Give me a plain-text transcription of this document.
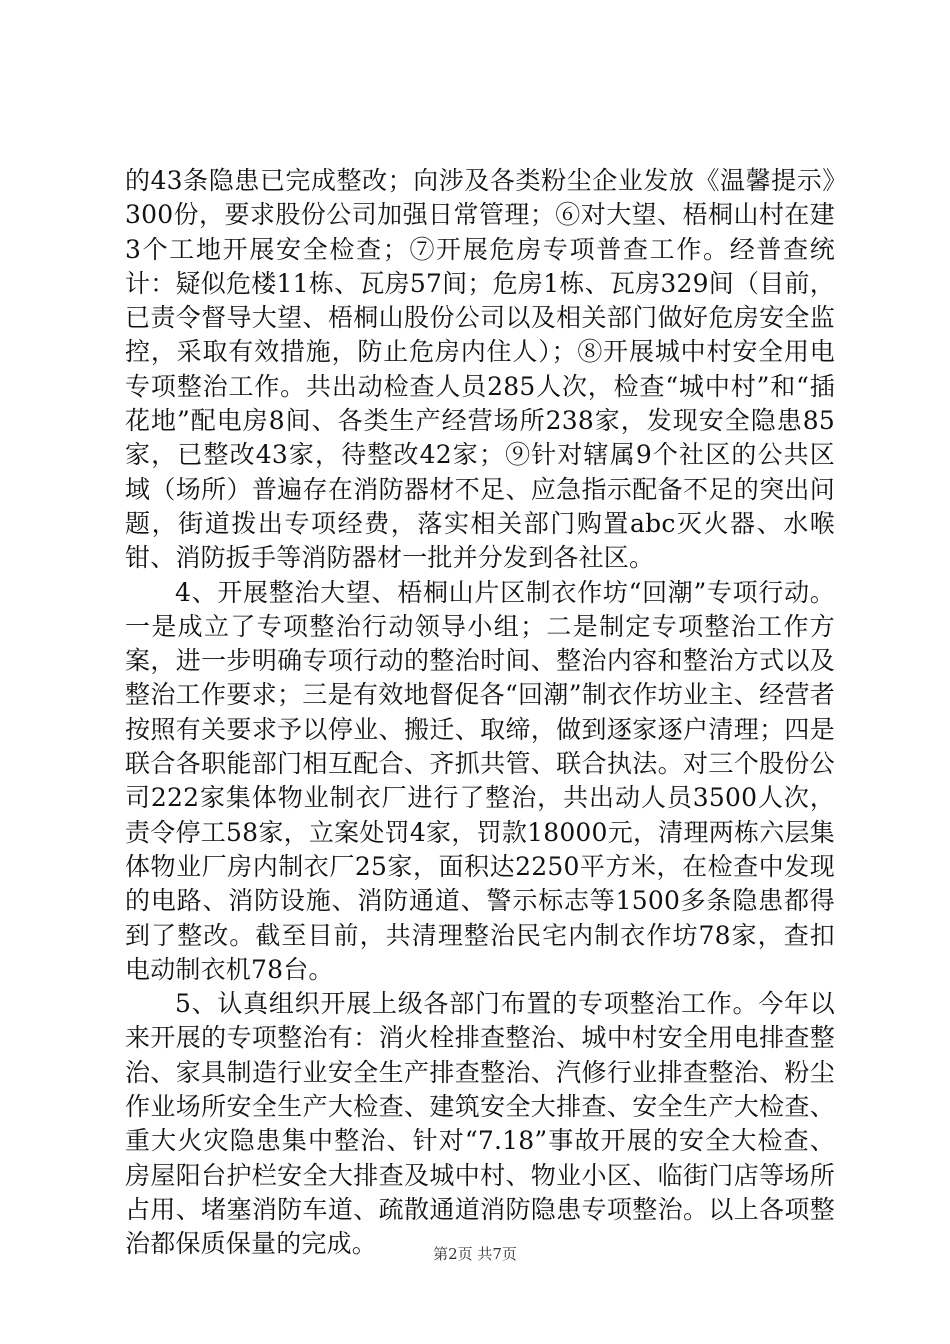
的43条隐患已完成整改；向涉及各类粉尘企业发放《温馨提示》300份，要求股份公司加强日常管理；⑥对大望、梧桐山村在建3个工地开展安全检查；⑦开展危房专项普查工作。经普查统计：疑似危楼11栋、瓦房57间；危房1栋、瓦房329间（目前，已责令督导大望、梧桐山股份公司以及相关部门做好危房安全监控，采取有效措施，防止危房内住人）；⑧开展城中村安全用电专项整治工作。共出动检查人员285人次，检查“城中村”和“插花地”配电房8间、各类生产经营场所238家，发现安全隐患85家，已整改43家，待整改42家；⑨针对辖属9个社区的公共区域（场所）普遍存在消防器材不足、应急指示配备不足的突出问题，街道拨出专项经费，落实相关部门购置abc灭火器、水喉钳、消防扳手等消防器材一批并分发到各社区。

4、开展整治大望、梧桐山片区制衣作坊“回潮”专项行动。一是成立了专项整治行动领导小组；二是制定专项整治工作方案，进一步明确专项行动的整治时间、整治内容和整治方式以及整治工作要求；三是有效地督促各“回潮”制衣作坊业主、经营者按照有关要求予以停业、搬迁、取缔，做到逐家逐户清理；四是联合各职能部门相互配合、齐抓共管、联合执法。对三个股份公司222家集体物业制衣厂进行了整治，共出动人员3500人次，责令停工58家，立案处罚4家，罚款18000元，清理两栋六层集体物业厂房内制衣厂25家，面积达2250平方米，在检查中发现的电路、消防设施、消防通道、警示标志等1500多条隐患都得到了整改。截至目前，共清理整治民宅内制衣作坊78家，查扣电动制衣机78台。

5、认真组织开展上级各部门布置的专项整治工作。今年以来开展的专项整治有：消火栓排查整治、城中村安全用电排查整治、家具制造行业安全生产排查整治、汽修行业排查整治、粉尘作业场所安全生产大检查、建筑安全大排查、安全生产大检查、重大火灾隐患集中整治、针对“7.18”事故开展的安全大检查、房屋阳台护栏安全大排查及城中村、物业小区、临街门店等场所占用、堵塞消防车道、疏散通道消防隐患专项整治。以上各项整治都保质保量的完成。	第2页 共7页
